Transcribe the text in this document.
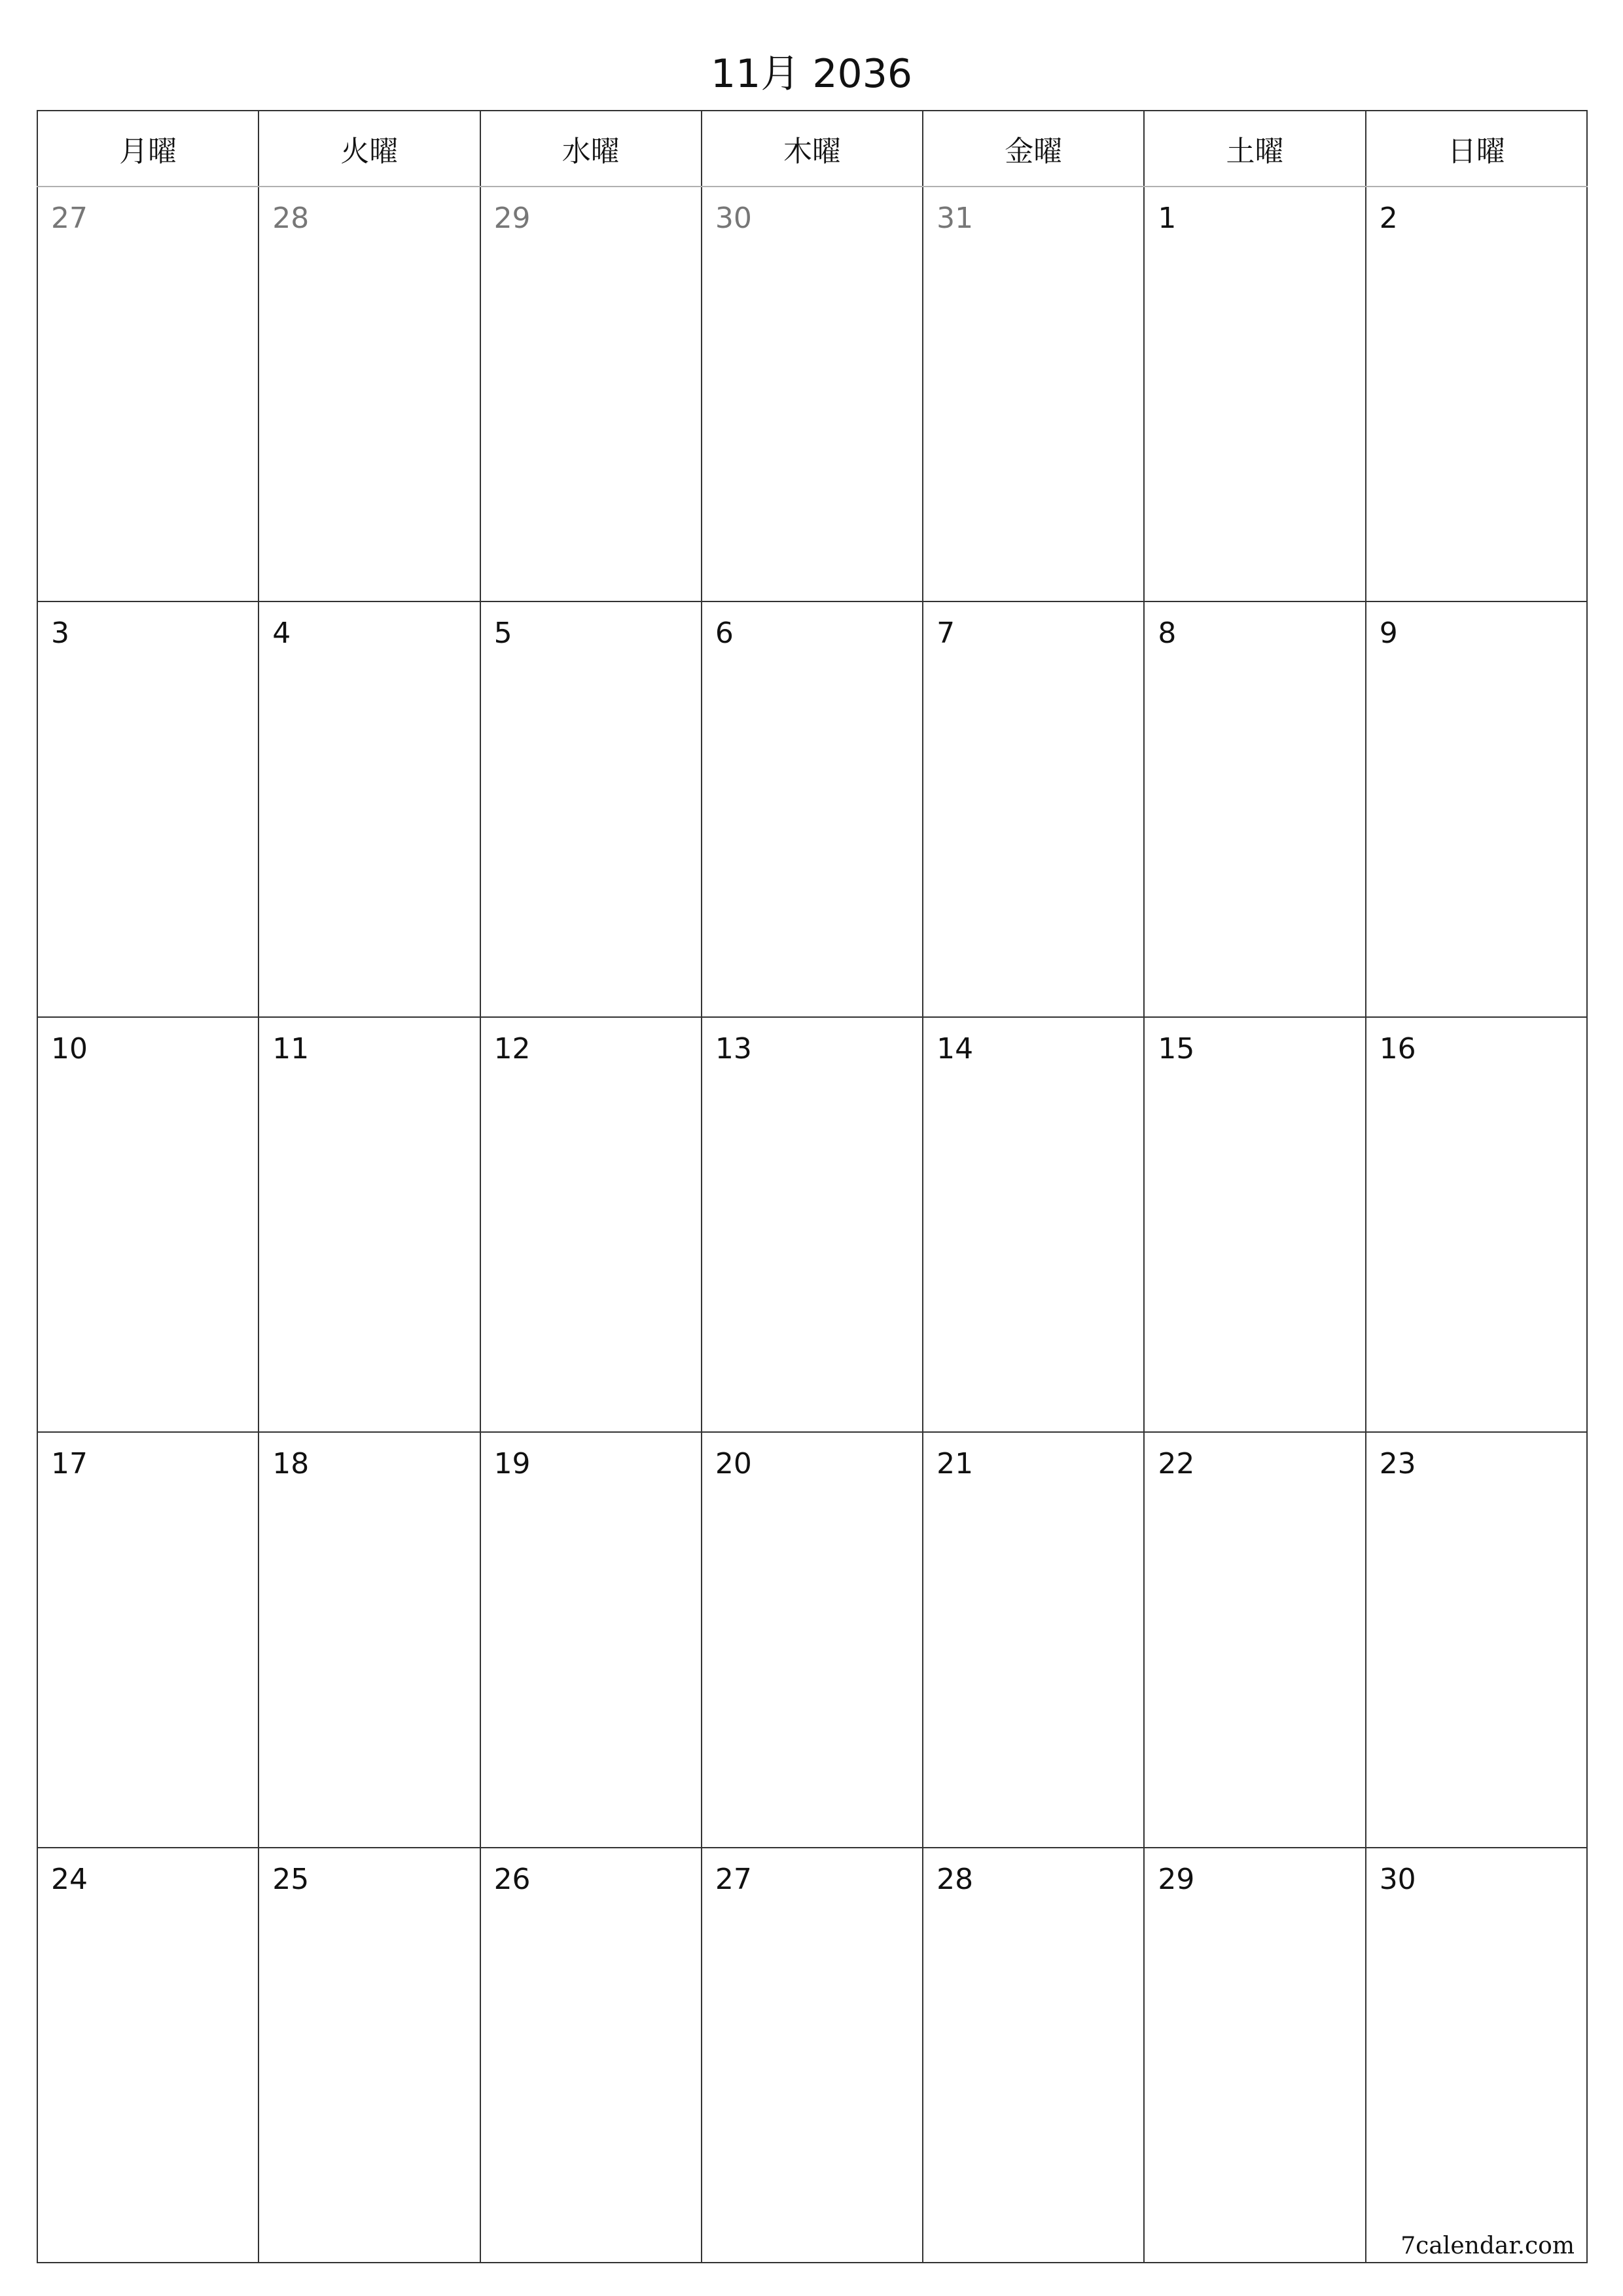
11月 2036
月曜	火曜	水曜	木曜	金曜	土曜	日曜

27	28	29	30	31	1	2

3	4	5	6	7	8	9

10	11	12	13	14	15	16

17	18	19	20	21	22	23

24	25	26	27	28	29	30
7calendar.com
